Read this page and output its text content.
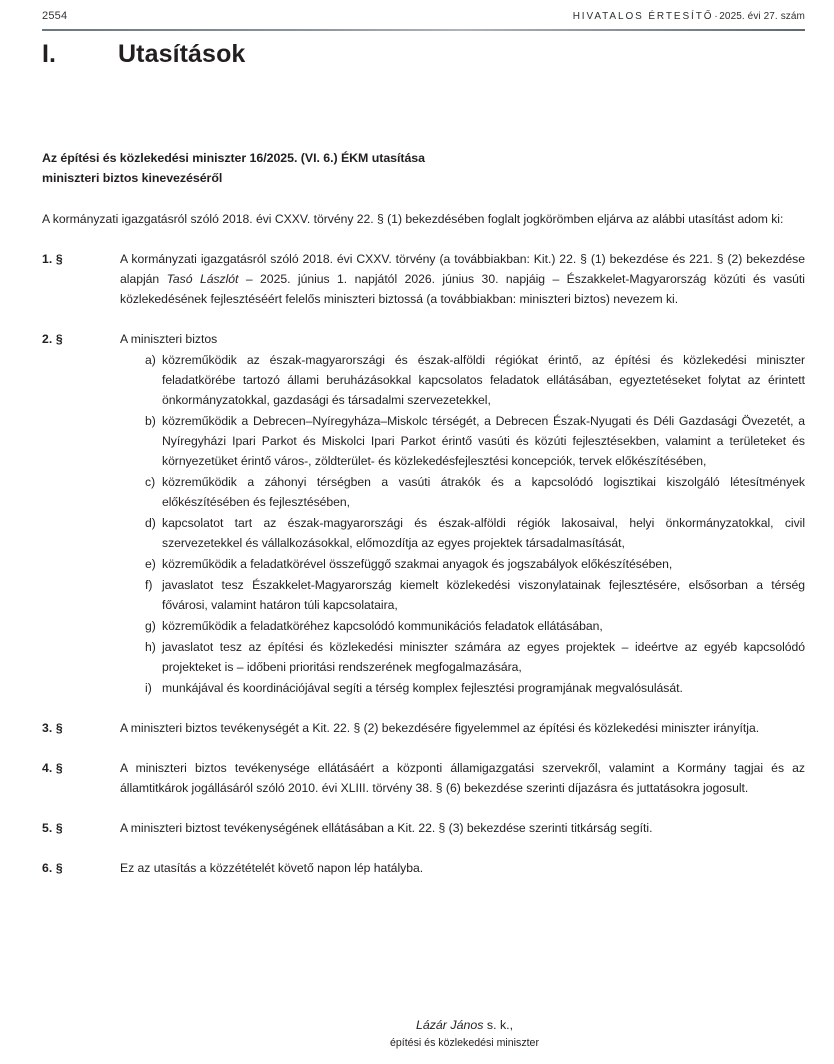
2554	HIVATALOS ÉRTESÍTŐ·2025. évi 27. szám
I.	Utasítások
Az építési és közlekedési miniszter 16/2025. (VI. 6.) ÉKM utasítása
miniszteri biztos kinevezéséről

A kormányzati igazgatásról szóló 2018. évi CXXV. törvény 22. § (1) bekezdésében foglalt jogkörömben eljárva az alábbi utasítást adom ki:

1. §	A kormányzati igazgatásról szóló 2018. évi CXXV. törvény (a továbbiakban: Kit.) 22. § (1) bekezdése és 221. § (2) bekezdése alapján Tasó Lászlót – 2025. június 1. napjától 2026. június 30. napjáig – Északkelet-Magyarország közúti és vasúti közlekedésének fejlesztéséért felelős miniszteri biztossá (a továbbiakban: miniszteri biztos) nevezem ki.
2. §	A miniszteri biztos
a) közreműködik az észak-magyarországi és észak-alföldi régiókat érintő, az építési és közlekedési miniszter feladatkörébe tartozó állami beruházásokkal kapcsolatos feladatok ellátásában, egyeztetéseket folytat az érintett önkormányzatokkal, gazdasági és társadalmi szervezetekkel,
b) közreműködik a Debrecen–Nyíregyháza–Miskolc térségét, a Debrecen Észak-Nyugati és Déli Gazdasági Övezetét, a Nyíregyházi Ipari Parkot és Miskolci Ipari Parkot érintő vasúti és közúti fejlesztésekben, valamint a területeket és környezetüket érintő város-, zöldterület- és közlekedésfejlesztési koncepciók, tervek előkészítésében,
c) közreműködik a záhonyi térségben a vasúti átrakók és a kapcsolódó logisztikai kiszolgáló létesítmények előkészítésében és fejlesztésében,
d) kapcsolatot tart az észak-magyarországi és észak-alföldi régiók lakosaival, helyi önkormányzatokkal, civil szervezetekkel és vállalkozásokkal, előmozdítja az egyes projektek társadalmasítását,
e) közreműködik a feladatkörével összefüggő szakmai anyagok és jogszabályok előkészítésében,
f) javaslatot tesz Északkelet-Magyarország kiemelt közlekedési viszonylatainak fejlesztésére, elsősorban a térség fővárosi, valamint határon túli kapcsolataira,
g) közreműködik a feladatköréhez kapcsolódó kommunikációs feladatok ellátásában,
h) javaslatot tesz az építési és közlekedési miniszter számára az egyes projektek – ideértve az egyéb kapcsolódó projekteket is – időbeni prioritási rendszerének megfogalmazására,
i) munkájával és koordinációjával segíti a térség komplex fejlesztési programjának megvalósulását.
3. §	A miniszteri biztos tevékenységét a Kit. 22. § (2) bekezdésére figyelemmel az építési és közlekedési miniszter irányítja.
4. §	A miniszteri biztos tevékenysége ellátásáért a központi államigazgatási szervekről, valamint a Kormány tagjai és az államtitkárok jogállásáról szóló 2010. évi XLIII. törvény 38. § (6) bekezdése szerinti díjazásra és juttatásokra jogosult.
5. §	A miniszteri biztost tevékenységének ellátásában a Kit. 22. § (3) bekezdése szerinti titkárság segíti.
6. §	Ez az utasítás a közzétételét követő napon lép hatályba.
Lázár János s. k.,
építési és közlekedési miniszter
